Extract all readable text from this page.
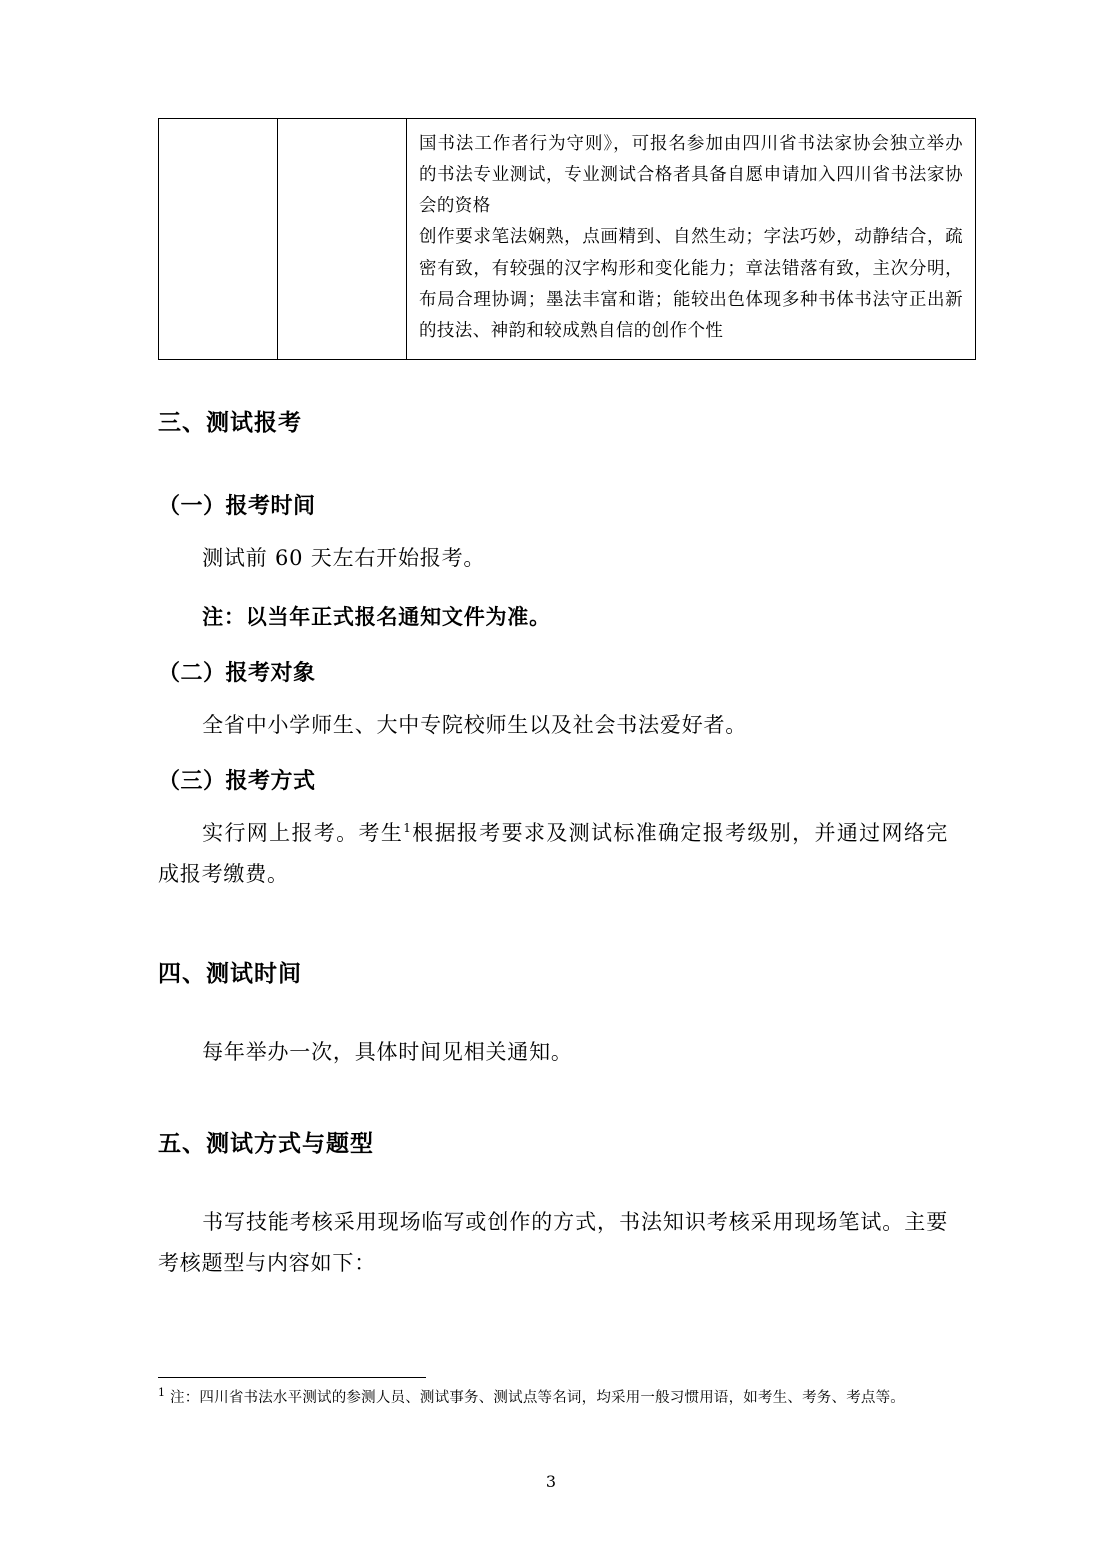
国书法工作者行为守则》，可报名参加由四川省书法家协会独立举办的书法专业测试，专业测试合格者具备自愿申请加入四川省书法家协会的资格

创作要求笔法娴熟，点画精到、自然生动；字法巧妙，动静结合，疏密有致，有较强的汉字构形和变化能力；章法错落有致，主次分明，布局合理协调；墨法丰富和谐；能较出色体现多种书体书法守正出新的技法、神韵和较成熟自信的创作个性

三、测试报考
（一）报考时间

测试前 60 天左右开始报考。

注：以当年正式报名通知文件为准。

（二）报考对象

全省中小学师生、大中专院校师生以及社会书法爱好者。

（三）报考方式

实行网上报考。考生$^1$根据报考要求及测试标准确定报考级别，并通过网络完成报考缴费。

四、测试时间

每年举办一次，具体时间见相关通知。

五、测试方式与题型

书写技能考核采用现场临写或创作的方式，书法知识考核采用现场笔试。主要考核题型与内容如下：

$^1$ 注：四川省书法水平测试的参测人员、测试事务、测试点等名词，均采用一般习惯用语，如考生、考务、考点等。

3
